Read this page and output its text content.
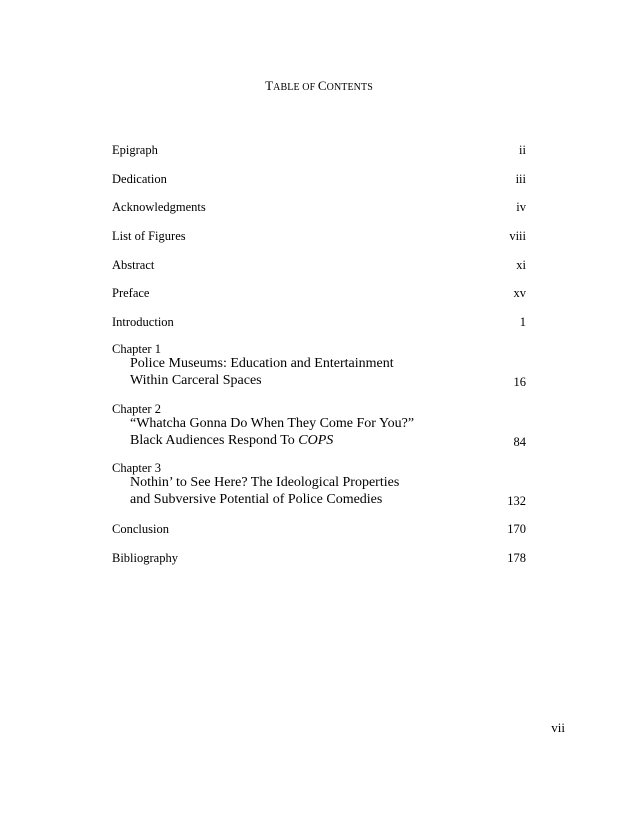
TABLE OF CONTENTS
Epigraph	ii
Dedication	iii
Acknowledgments	iv
List of Figures	viii
Abstract	xi
Preface	xv
Introduction	1
Chapter 1
Police Museums: Education and Entertainment
Within Carceral Spaces	16
Chapter 2
“Whatcha Gonna Do When They Come For You?”
Black Audiences Respond To COPS	84
Chapter 3
Nothin’ to See Here? The Ideological Properties
and Subversive Potential of Police Comedies	132
Conclusion	170
Bibliography	178
vii
